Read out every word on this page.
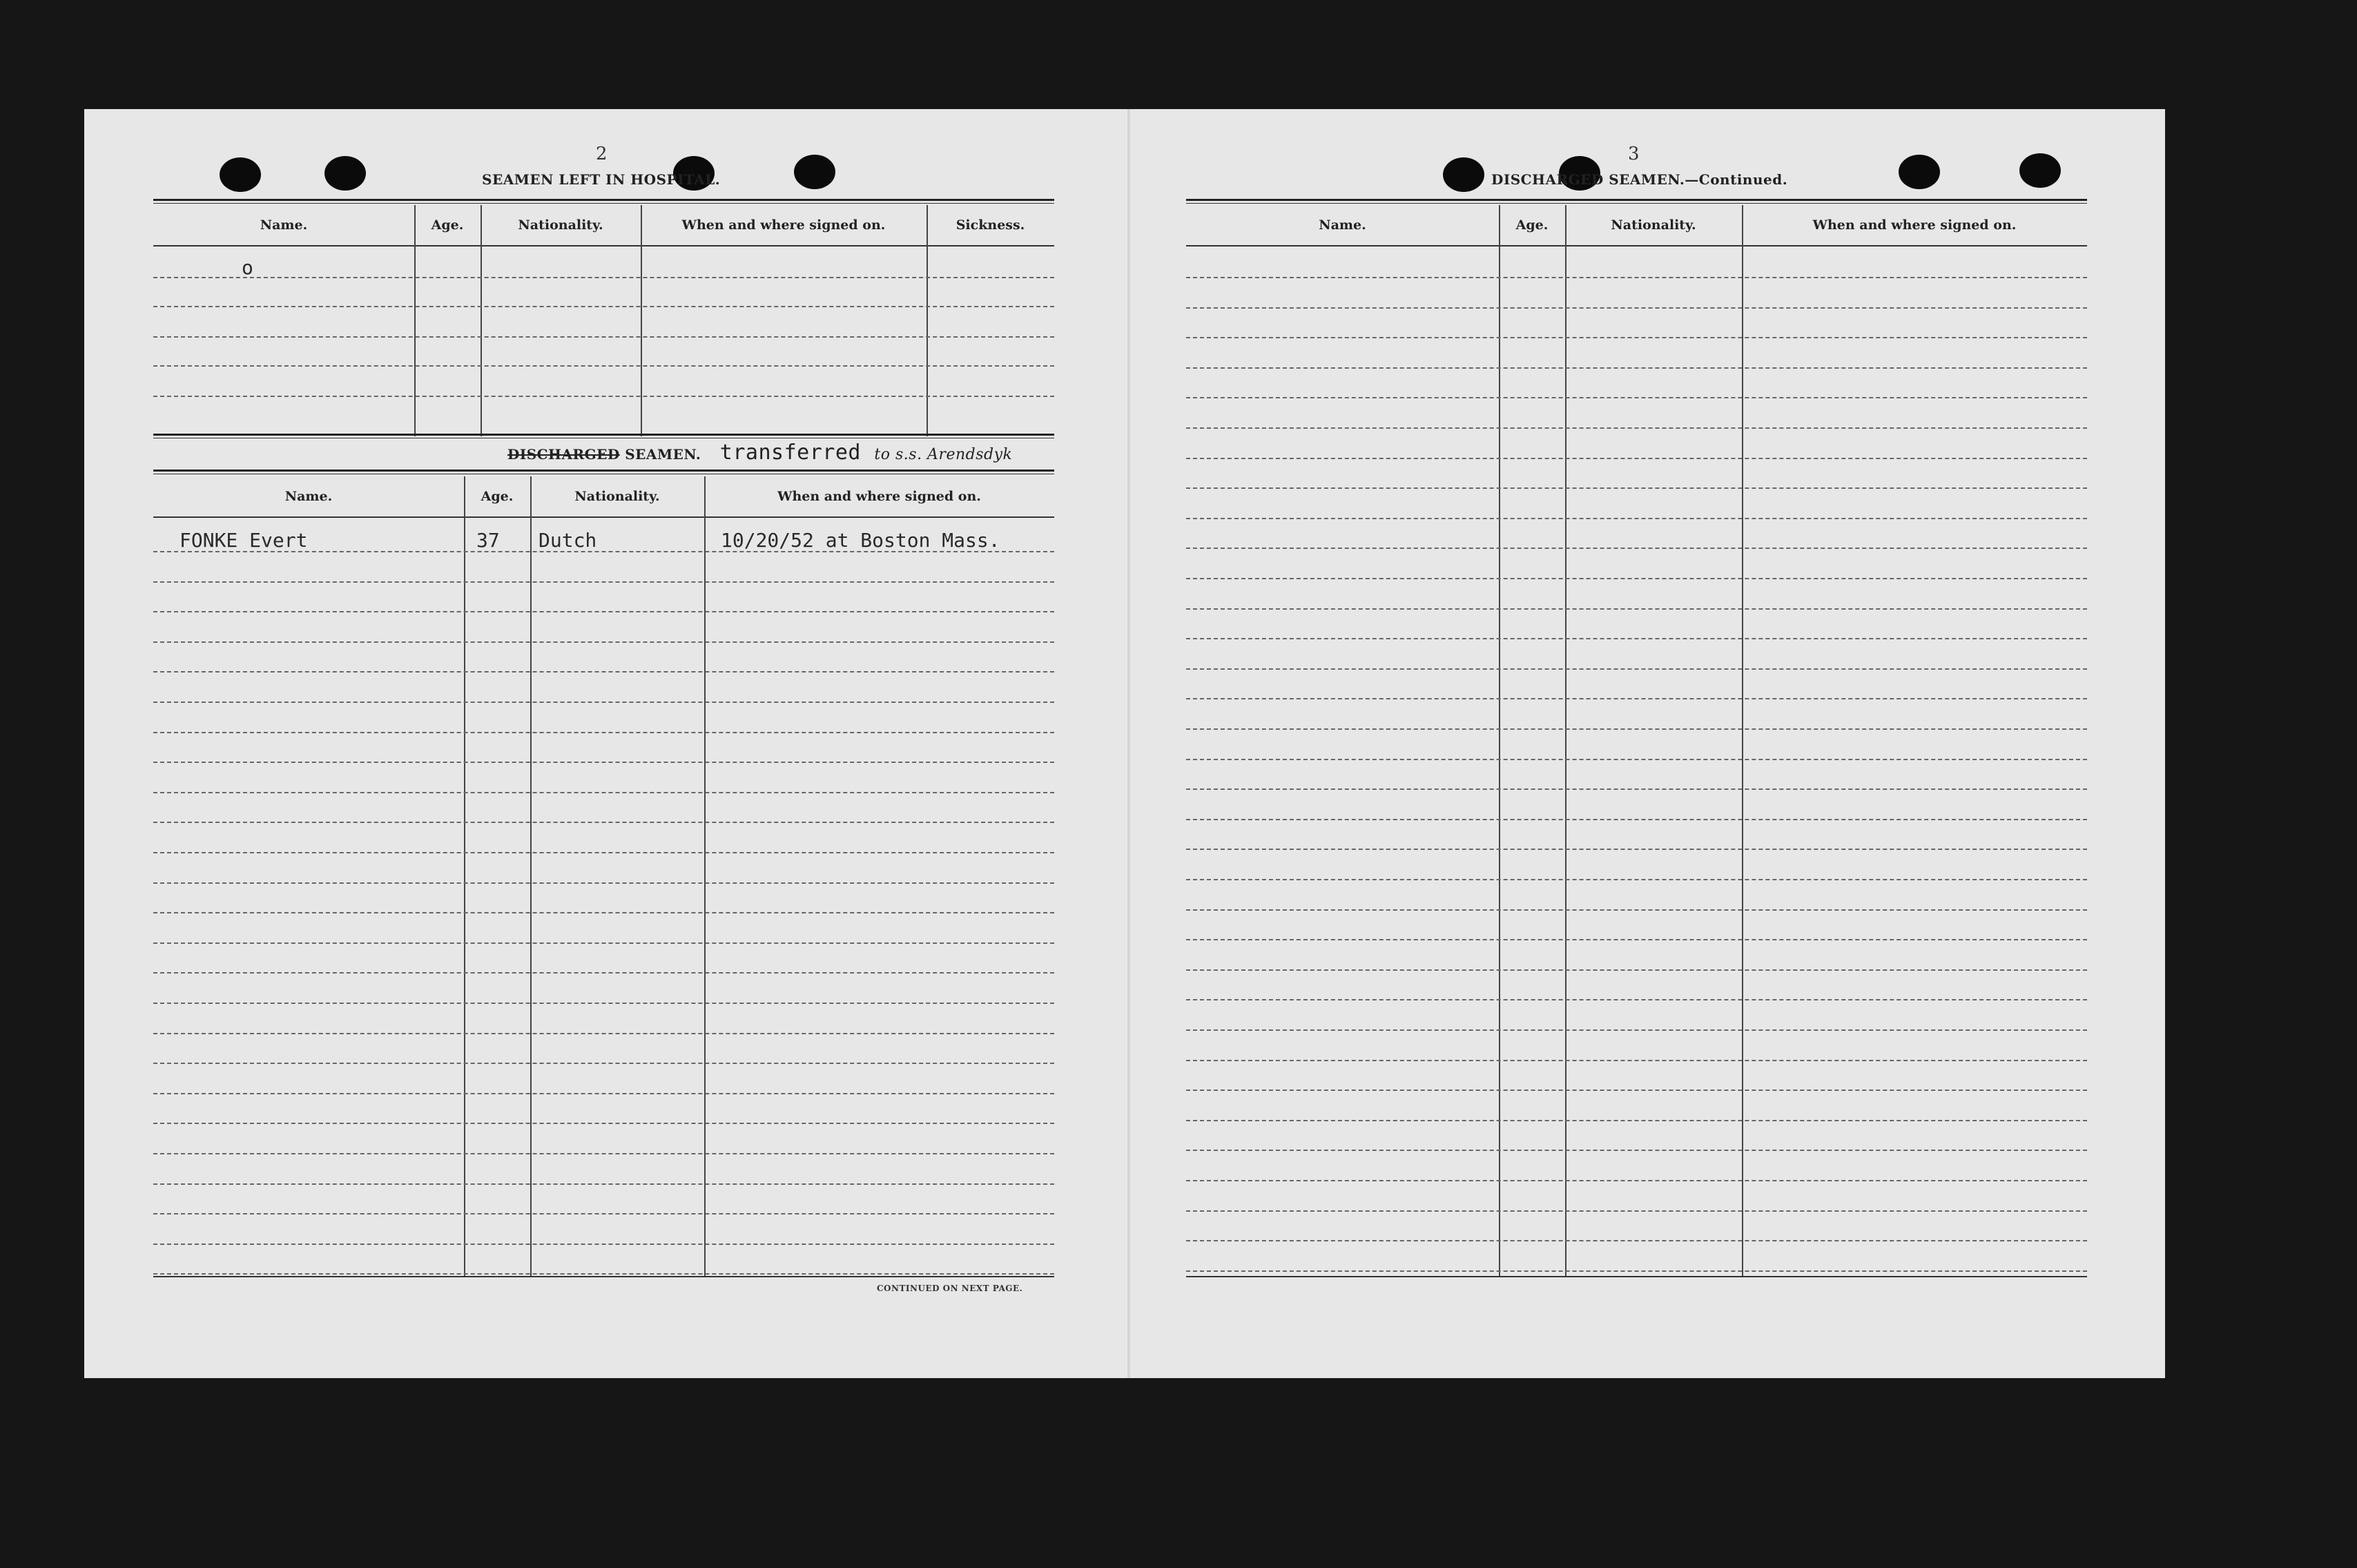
2
SEAMEN LEFT IN HOSPITAL.
Name.	Age.	Nationality.	When and where signed on.	Sickness.
o
DISCHARGED SEAMEN. transferred to s.s. Arendsdyk
Name.	Age.	Nationality.	When and where signed on.
FONKE Evert	37 Dutch	10/20/52 at Boston Mass.
CONTINUED ON NEXT PAGE.
3
DISCHARGED SEAMEN.—Continued.
Name.	Age.	Nationality.	When and where signed on.
